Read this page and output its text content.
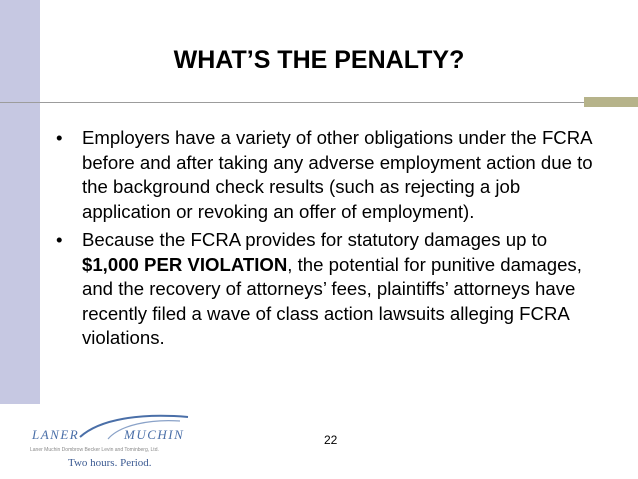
WHAT’S THE PENALTY?
• Employers have a variety of other obligations under the FCRA before and after taking any adverse employment action due to the background check results (such as rejecting a job application or revoking an offer of employment).
• Because the FCRA provides for statutory damages up to $1,000 PER VIOLATION, the potential for punitive damages, and the recovery of attorneys’ fees, plaintiffs’ attorneys have recently filed a wave of class action lawsuits alleging FCRA violations.
22
LANER	MUCHIN
Laner Muchin Dombrow Becker Levin and Tominberg, Ltd.
Two hours. Period.
